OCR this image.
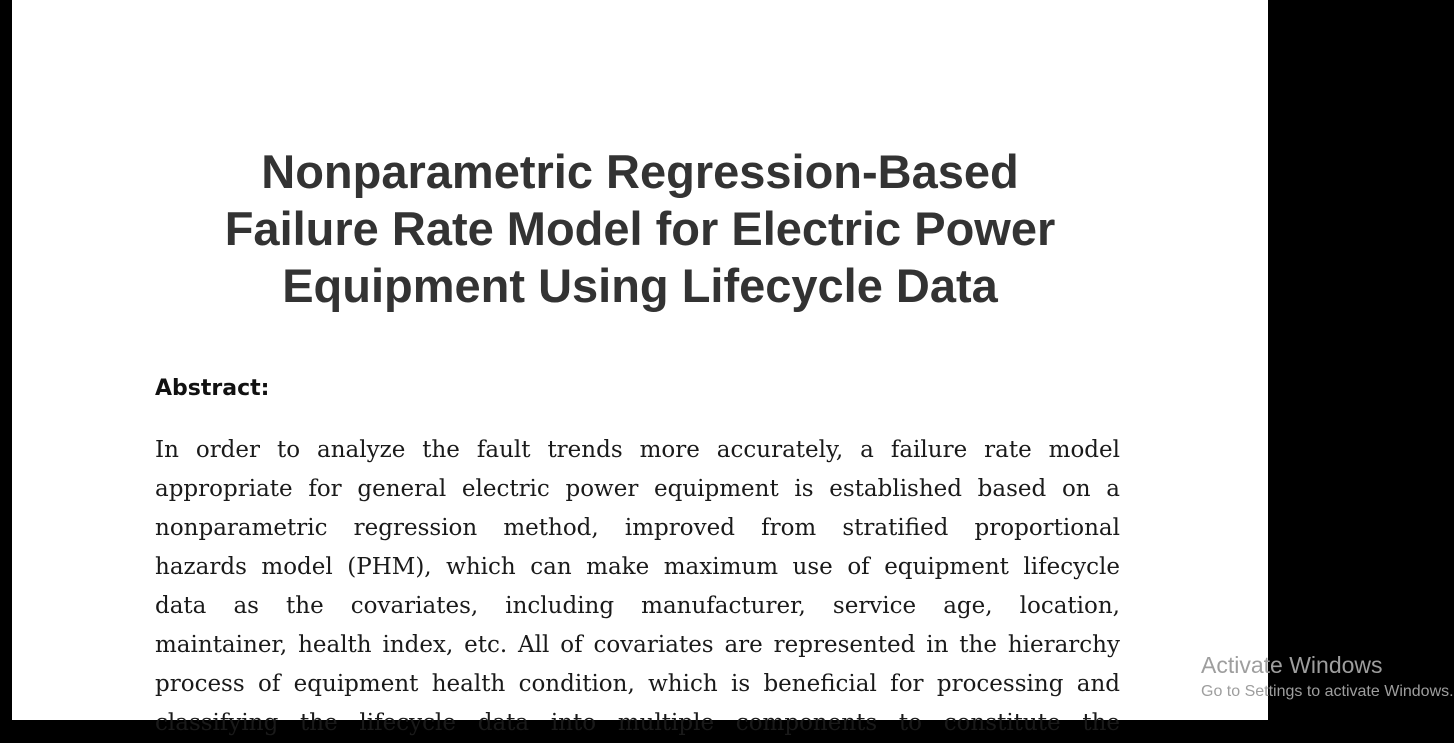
Nonparametric Regression-Based
Failure Rate Model for Electric Power
Equipment Using Lifecycle Data
Abstract:
In order to analyze the fault trends more accurately, a failure rate model
appropriate for general electric power equipment is established based on a
nonparametric regression method, improved from stratified proportional
hazards model (PHM), which can make maximum use of equipment lifecycle
data as the covariates, including manufacturer, service age, location,
maintainer, health index, etc. All of covariates are represented in the hierarchy
process of equipment health condition, which is beneficial for processing and
classifying the lifecycle data into multiple components to constitute the
Activate Windows
Go to Settings to activate Windows.
